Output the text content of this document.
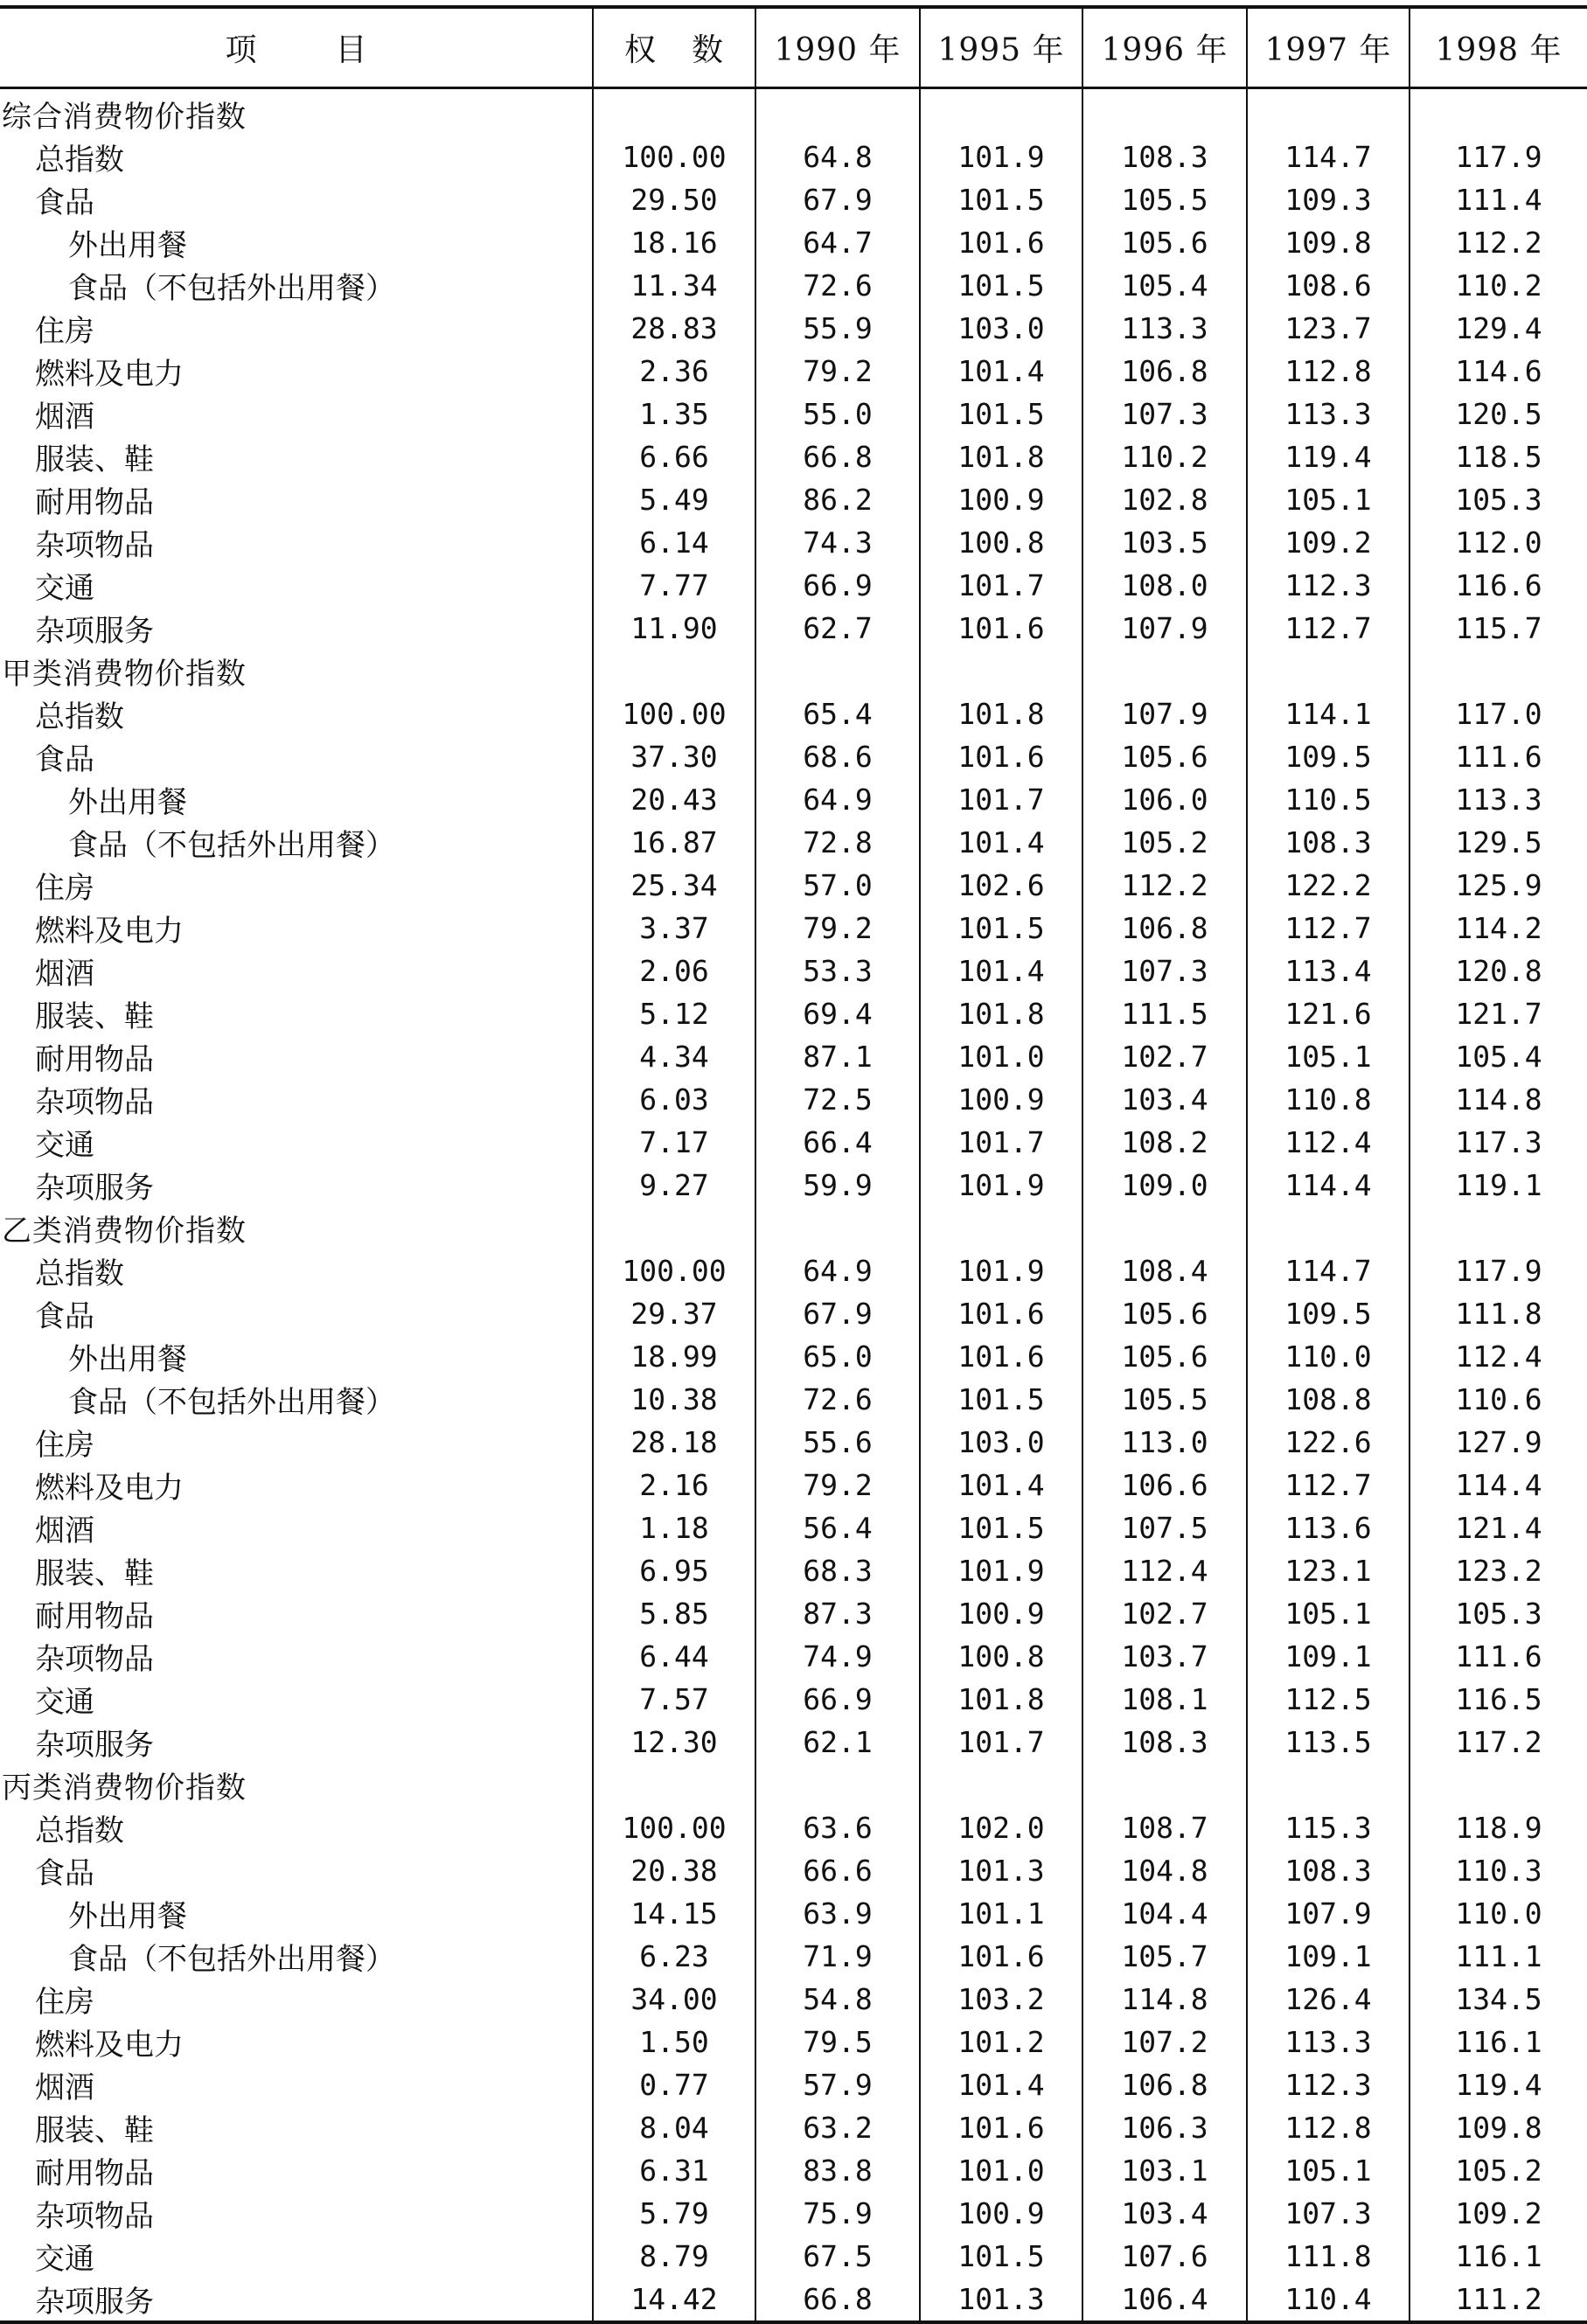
项 目	权 数	1990 年	1995 年	1996 年	1997 年	1998 年
综合消费物价指数						
总指数	100.00	64.8	101.9	108.3	114.7	117.9
食品	29.50	67.9	101.5	105.5	109.3	111.4
外出用餐	18.16	64.7	101.6	105.6	109.8	112.2
食品（不包括外出用餐）	11.34	72.6	101.5	105.4	108.6	110.2
住房	28.83	55.9	103.0	113.3	123.7	129.4
燃料及电力	2.36	79.2	101.4	106.8	112.8	114.6
烟酒	1.35	55.0	101.5	107.3	113.3	120.5
服装、鞋	6.66	66.8	101.8	110.2	119.4	118.5
耐用物品	5.49	86.2	100.9	102.8	105.1	105.3
杂项物品	6.14	74.3	100.8	103.5	109.2	112.0
交通	7.77	66.9	101.7	108.0	112.3	116.6
杂项服务	11.90	62.7	101.6	107.9	112.7	115.7
甲类消费物价指数						
总指数	100.00	65.4	101.8	107.9	114.1	117.0
食品	37.30	68.6	101.6	105.6	109.5	111.6
外出用餐	20.43	64.9	101.7	106.0	110.5	113.3
食品（不包括外出用餐）	16.87	72.8	101.4	105.2	108.3	129.5
住房	25.34	57.0	102.6	112.2	122.2	125.9
燃料及电力	3.37	79.2	101.5	106.8	112.7	114.2
烟酒	2.06	53.3	101.4	107.3	113.4	120.8
服装、鞋	5.12	69.4	101.8	111.5	121.6	121.7
耐用物品	4.34	87.1	101.0	102.7	105.1	105.4
杂项物品	6.03	72.5	100.9	103.4	110.8	114.8
交通	7.17	66.4	101.7	108.2	112.4	117.3
杂项服务	9.27	59.9	101.9	109.0	114.4	119.1
乙类消费物价指数						
总指数	100.00	64.9	101.9	108.4	114.7	117.9
食品	29.37	67.9	101.6	105.6	109.5	111.8
外出用餐	18.99	65.0	101.6	105.6	110.0	112.4
食品（不包括外出用餐）	10.38	72.6	101.5	105.5	108.8	110.6
住房	28.18	55.6	103.0	113.0	122.6	127.9
燃料及电力	2.16	79.2	101.4	106.6	112.7	114.4
烟酒	1.18	56.4	101.5	107.5	113.6	121.4
服装、鞋	6.95	68.3	101.9	112.4	123.1	123.2
耐用物品	5.85	87.3	100.9	102.7	105.1	105.3
杂项物品	6.44	74.9	100.8	103.7	109.1	111.6
交通	7.57	66.9	101.8	108.1	112.5	116.5
杂项服务	12.30	62.1	101.7	108.3	113.5	117.2
丙类消费物价指数						
总指数	100.00	63.6	102.0	108.7	115.3	118.9
食品	20.38	66.6	101.3	104.8	108.3	110.3
外出用餐	14.15	63.9	101.1	104.4	107.9	110.0
食品（不包括外出用餐）	6.23	71.9	101.6	105.7	109.1	111.1
住房	34.00	54.8	103.2	114.8	126.4	134.5
燃料及电力	1.50	79.5	101.2	107.2	113.3	116.1
烟酒	0.77	57.9	101.4	106.8	112.3	119.4
服装、鞋	8.04	63.2	101.6	106.3	112.8	109.8
耐用物品	6.31	83.8	101.0	103.1	105.1	105.2
杂项物品	5.79	75.9	100.9	103.4	107.3	109.2
交通	8.79	67.5	101.5	107.6	111.8	116.1
杂项服务	14.42	66.8	101.3	106.4	110.4	111.2
